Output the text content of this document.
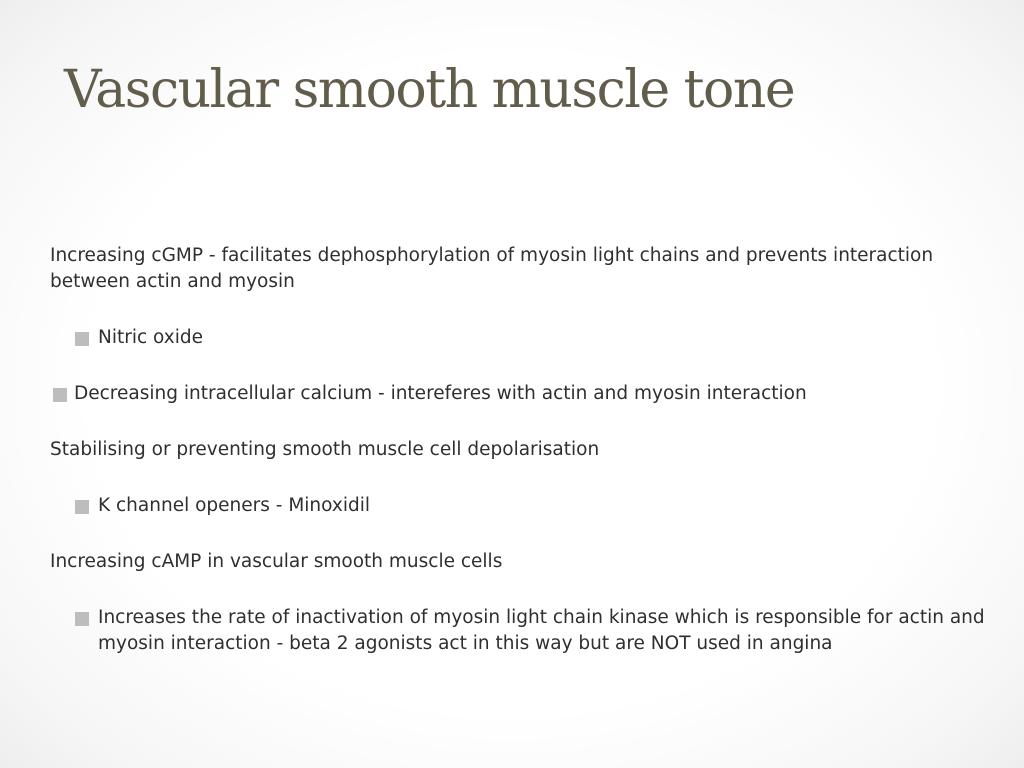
Vascular smooth muscle tone

Increasing cGMP - facilitates dephosphorylation of myosin light chains and prevents interaction between actin and myosin

Nitric oxide

Decreasing intracellular calcium - intereferes with actin and myosin interaction

Stabilising or preventing smooth muscle cell depolarisation

K channel openers - Minoxidil

Increasing cAMP in vascular smooth muscle cells

Increases the rate of inactivation of myosin light chain kinase which is responsible for actin and myosin interaction - beta 2 agonists act in this way but are NOT used in angina
